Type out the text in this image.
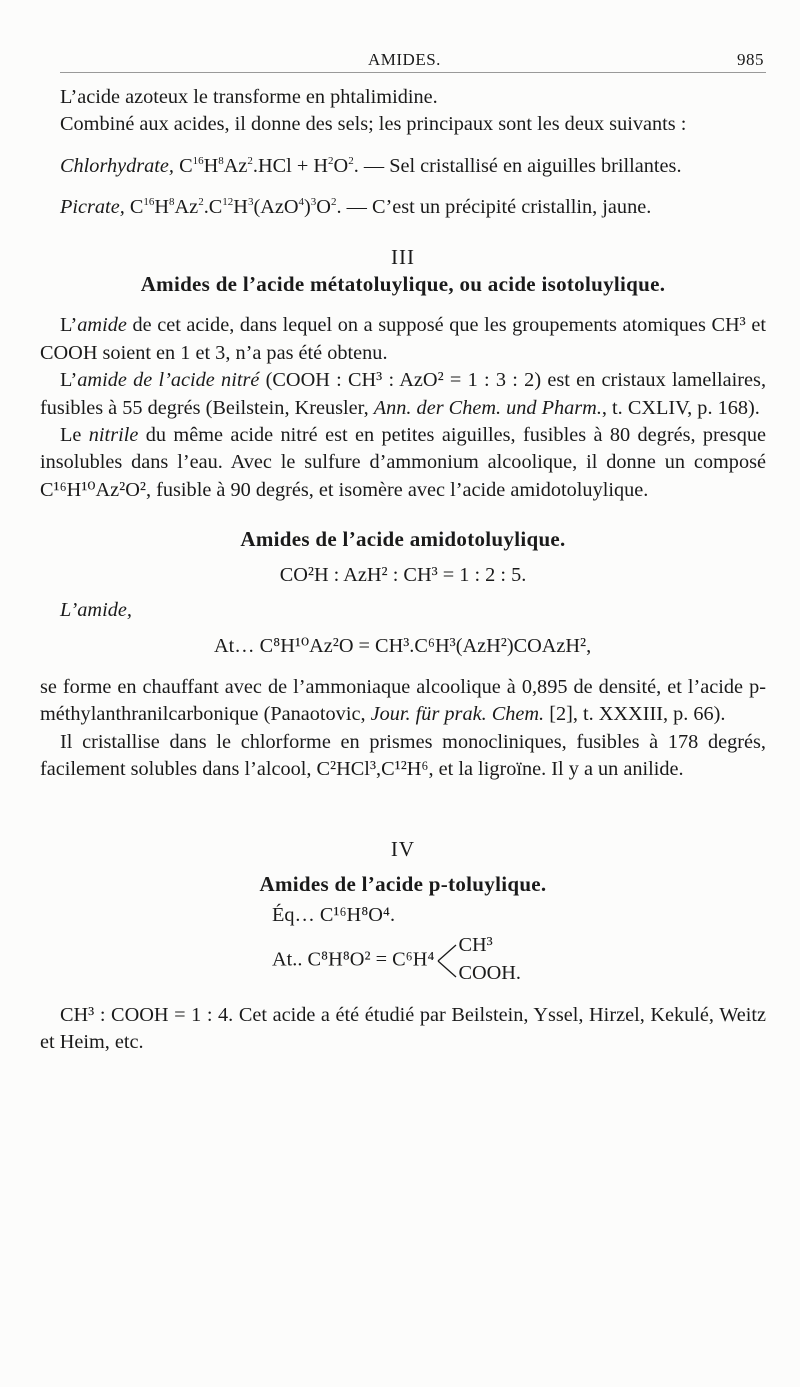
AMIDES.	985

L’acide azoteux le transforme en phtalimidine.

Combiné aux acides, il donne des sels; les principaux sont les deux suivants :

Chlorhydrate, $C^{16}H^8Az^2.HCl + H^2O^2$. — Sel cristallisé en aiguilles brillantes.

Picrate, $C^{16}H^8Az^2.C^{12}H^3(AzO^4)^3O^2$. — C’est un précipité cristallin, jaune.

III

Amides de l’acide métatoluylique, ou acide isotoluylique.

L’amide de cet acide, dans lequel on a supposé que les groupements atomiques CH³ et COOH soient en 1 et 3, n’a pas été obtenu.

L’amide de l’acide nitré (COOH : CH³ : AzO² = 1 : 3 : 2) est en cristaux lamellaires, fusibles à 55 degrés (Beilstein, Kreusler, Ann. der Chem. und Pharm., t. CXLIV, p. 168).

Le nitrile du même acide nitré est en petites aiguilles, fusibles à 80 degrés, presque insolubles dans l’eau. Avec le sulfure d’ammonium alcoolique, il donne un composé C¹⁶H¹⁰Az²O², fusible à 90 degrés, et isomère avec l’acide amidotoluylique.

Amides de l’acide amidotoluylique.

CO²H : AzH² : CH³ = 1 : 2 : 5.

L’amide,

At… C⁸H¹⁰Az²O = CH³.C⁶H³(AzH²)COAzH²,

se forme en chauffant avec de l’ammoniaque alcoolique à 0,895 de densité, et l’acide p-méthylanthranilcarbonique (Panaotovic, Jour. für prak. Chem. [2], t. XXXIII, p. 66).

Il cristallise dans le chlorforme en prismes monocliniques, fusibles à 178 degrés, facilement solubles dans l’alcool, C²HCl³,C¹²H⁶, et la ligroïne. Il y a un anilide.

IV

Amides de l’acide p-toluylique.

Éq… C¹⁶H⁸O⁴.

At.. C⁸H⁸O² = C⁶H⁴
CH³
COOH.

CH³ : COOH = 1 : 4. Cet acide a été étudié par Beilstein, Yssel, Hirzel, Kekulé, Weitz et Heim, etc.
